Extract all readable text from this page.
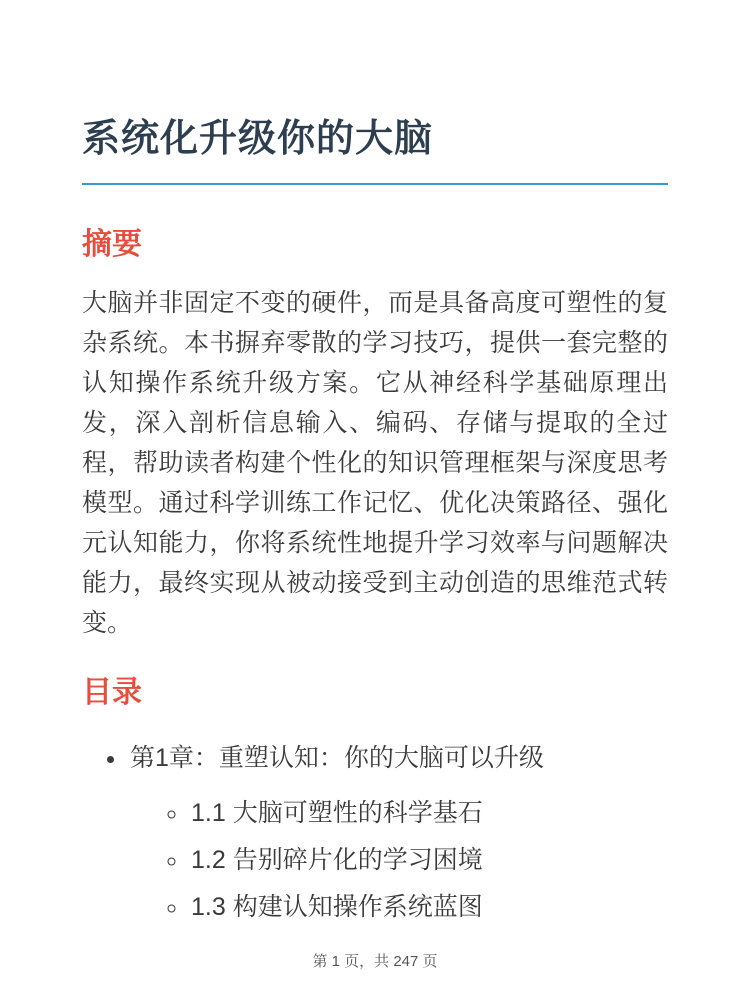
系统化升级你的大脑
摘要

大脑并非固定不变的硬件，而是具备高度可塑性的复杂系统。本书摒弃零散的学习技巧，提供一套完整的认知操作系统升级方案。它从神经科学基础原理出发，深入剖析信息输入、编码、存储与提取的全过程，帮助读者构建个性化的知识管理框架与深度思考模型。通过科学训练工作记忆、优化决策路径、强化元认知能力，你将系统性地提升学习效率与问题解决能力，最终实现从被动接受到主动创造的思维范式转变。

目录
• 第1章：重塑认知：你的大脑可以升级
◦ 1.1 大脑可塑性的科学基石
◦ 1.2 告别碎片化的学习困境
◦ 1.3 构建认知操作系统蓝图
第 1 页，共 247 页
